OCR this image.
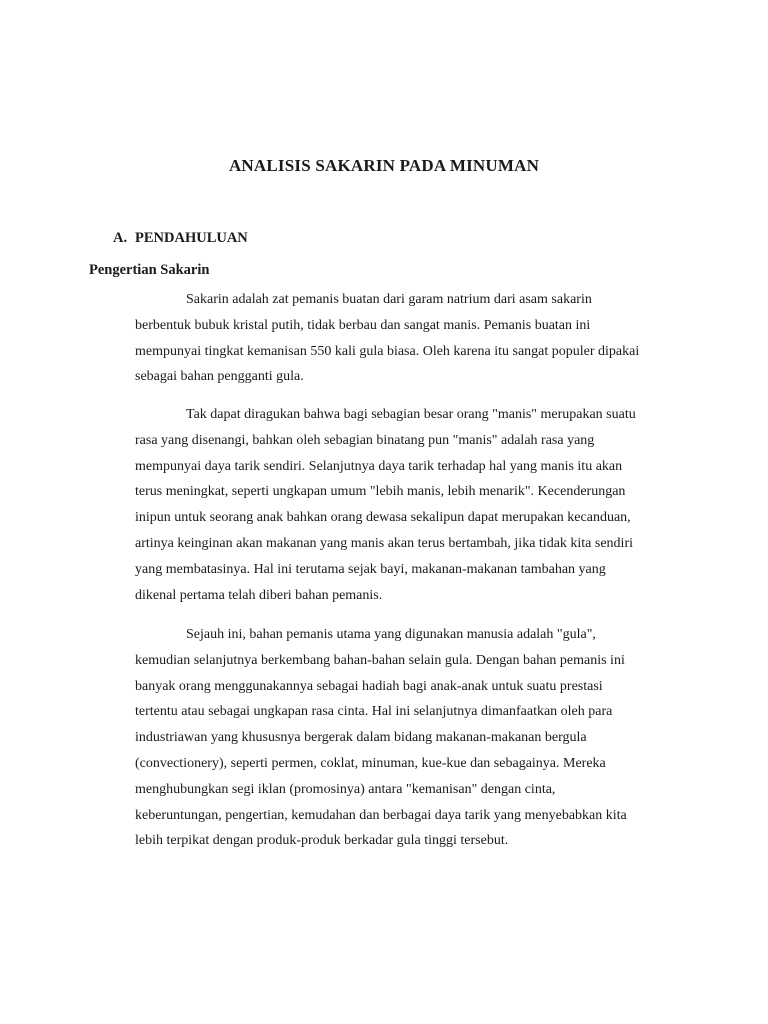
ANALISIS SAKARIN PADA MINUMAN
A. PENDAHULUAN
Pengertian Sakarin
Sakarin adalah zat pemanis buatan dari garam natrium dari asam sakarin
berbentuk bubuk kristal putih, tidak berbau dan sangat manis. Pemanis buatan ini
mempunyai tingkat kemanisan 550 kali gula biasa. Oleh karena itu sangat populer dipakai
sebagai bahan pengganti gula.
Tak dapat diragukan bahwa bagi sebagian besar orang "manis" merupakan suatu
rasa yang disenangi, bahkan oleh sebagian binatang pun "manis" adalah rasa yang
mempunyai daya tarik sendiri. Selanjutnya daya tarik terhadap hal yang manis itu akan
terus meningkat, seperti ungkapan umum "lebih manis, lebih menarik". Kecenderungan
inipun untuk seorang anak bahkan orang dewasa sekalipun dapat merupakan kecanduan,
artinya keinginan akan makanan yang manis akan terus bertambah, jika tidak kita sendiri
yang membatasinya. Hal ini terutama sejak bayi, makanan-makanan tambahan yang
dikenal pertama telah diberi bahan pemanis.
Sejauh ini, bahan pemanis utama yang digunakan manusia adalah "gula",
kemudian selanjutnya berkembang bahan-bahan selain gula. Dengan bahan pemanis ini
banyak orang menggunakannya sebagai hadiah bagi anak-anak untuk suatu prestasi
tertentu atau sebagai ungkapan rasa cinta. Hal ini selanjutnya dimanfaatkan oleh para
industriawan yang khususnya bergerak dalam bidang makanan-makanan bergula
(convectionery), seperti permen, coklat, minuman, kue-kue dan sebagainya. Mereka
menghubungkan segi iklan (promosinya) antara "kemanisan" dengan cinta,
keberuntungan, pengertian, kemudahan dan berbagai daya tarik yang menyebabkan kita
lebih terpikat dengan produk-produk berkadar gula tinggi tersebut.
